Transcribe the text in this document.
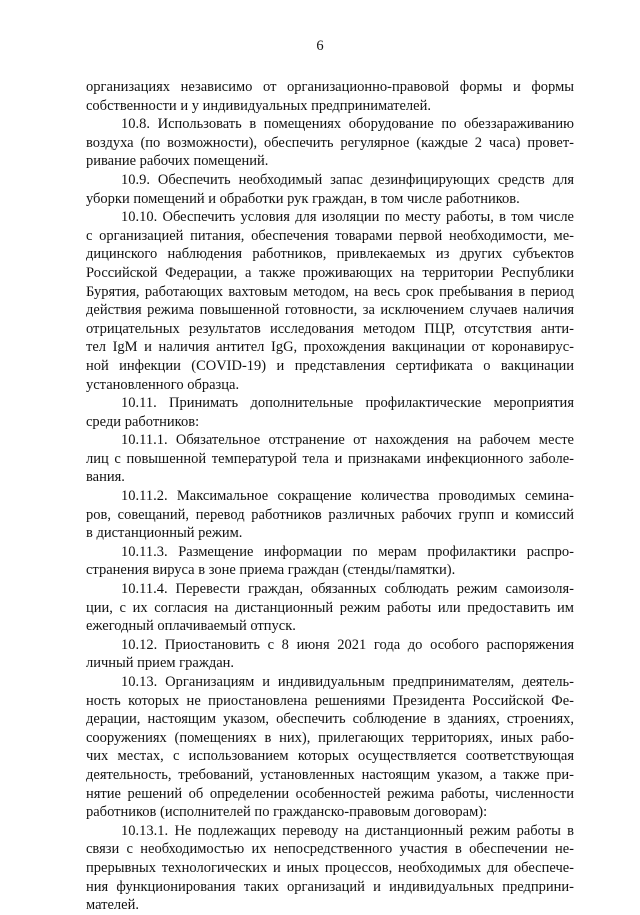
6
организациях независимо от организационно-правовой формы и формы
собственности и у индивидуальных предпринимателей.
10.8. Использовать в помещениях оборудование по обеззараживанию
воздуха (по возможности), обеспечить регулярное (каждые 2 часа) провет-
ривание рабочих помещений.
10.9. Обеспечить необходимый запас дезинфицирующих средств для
уборки помещений и обработки рук граждан, в том числе работников.
10.10. Обеспечить условия для изоляции по месту работы, в том числе
с организацией питания, обеспечения товарами первой необходимости, ме-
дицинского наблюдения работников, привлекаемых из других субъектов
Российской Федерации, а также проживающих на территории Республики
Бурятия, работающих вахтовым методом, на весь срок пребывания в период
действия режима повышенной готовности, за исключением случаев наличия
отрицательных результатов исследования методом ПЦР, отсутствия анти-
тел IgM и наличия антител IgG, прохождения вакцинации от коронавирус-
ной инфекции (COVID-19) и представления сертификата о вакцинации
установленного образца.
10.11. Принимать дополнительные профилактические мероприятия
среди работников:
10.11.1. Обязательное отстранение от нахождения на рабочем месте
лиц с повышенной температурой тела и признаками инфекционного заболе-
вания.
10.11.2. Максимальное сокращение количества проводимых семина-
ров, совещаний, перевод работников различных рабочих групп и комиссий
в дистанционный режим.
10.11.3. Размещение информации по мерам профилактики распро-
странения вируса в зоне приема граждан (стенды/памятки).
10.11.4. Перевести граждан, обязанных соблюдать режим самоизоля-
ции, с их согласия на дистанционный режим работы или предоставить им
ежегодный оплачиваемый отпуск.
10.12. Приостановить с 8 июня 2021 года до особого распоряжения
личный прием граждан.
10.13. Организациям и индивидуальным предпринимателям, деятель-
ность которых не приостановлена решениями Президента Российской Фе-
дерации, настоящим указом, обеспечить соблюдение в зданиях, строениях,
сооружениях (помещениях в них), прилегающих территориях, иных рабо-
чих местах, с использованием которых осуществляется соответствующая
деятельность, требований, установленных настоящим указом, а также при-
нятие решений об определении особенностей режима работы, численности
работников (исполнителей по гражданско-правовым договорам):
10.13.1. Не подлежащих переводу на дистанционный режим работы в
связи с необходимостью их непосредственного участия в обеспечении не-
прерывных технологических и иных процессов, необходимых для обеспече-
ния функционирования таких организаций и индивидуальных предприни-
мателей.
